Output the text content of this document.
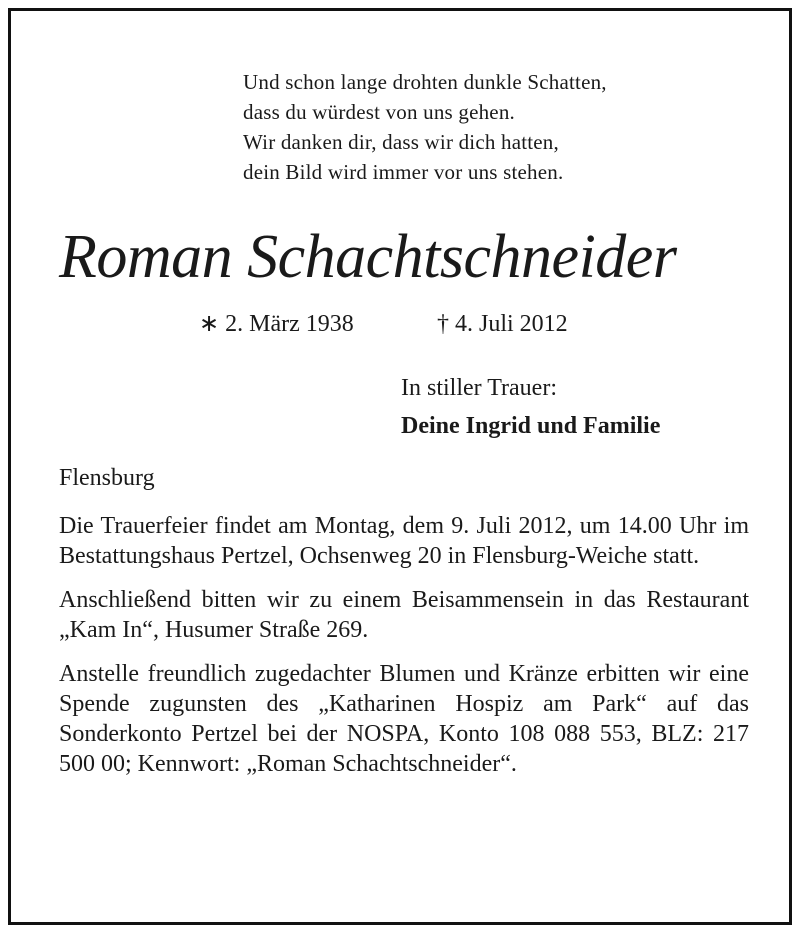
Und schon lange drohten dunkle Schatten,
dass du würdest von uns gehen.
Wir danken dir, dass wir dich hatten,
dein Bild wird immer vor uns stehen.
Roman Schachtschneider
∗ 2. März 1938	† 4. Juli 2012
In stiller Trauer:
Deine Ingrid und Familie

Flensburg

Die Trauerfeier findet am Montag, dem 9. Juli 2012, um 14.00 Uhr im Bestattungshaus Pertzel, Ochsenweg 20 in Flensburg-Weiche statt.

Anschließend bitten wir zu einem Beisammensein in das Restaurant „Kam In“, Husumer Straße 269.

Anstelle freundlich zugedachter Blumen und Kränze erbitten wir eine Spende zugunsten des „Katharinen Hospiz am Park“ auf das Sonderkonto Pertzel bei der NOSPA, Konto 108 088 553, BLZ: 217 500 00; Kennwort: „Roman Schachtschneider“.
